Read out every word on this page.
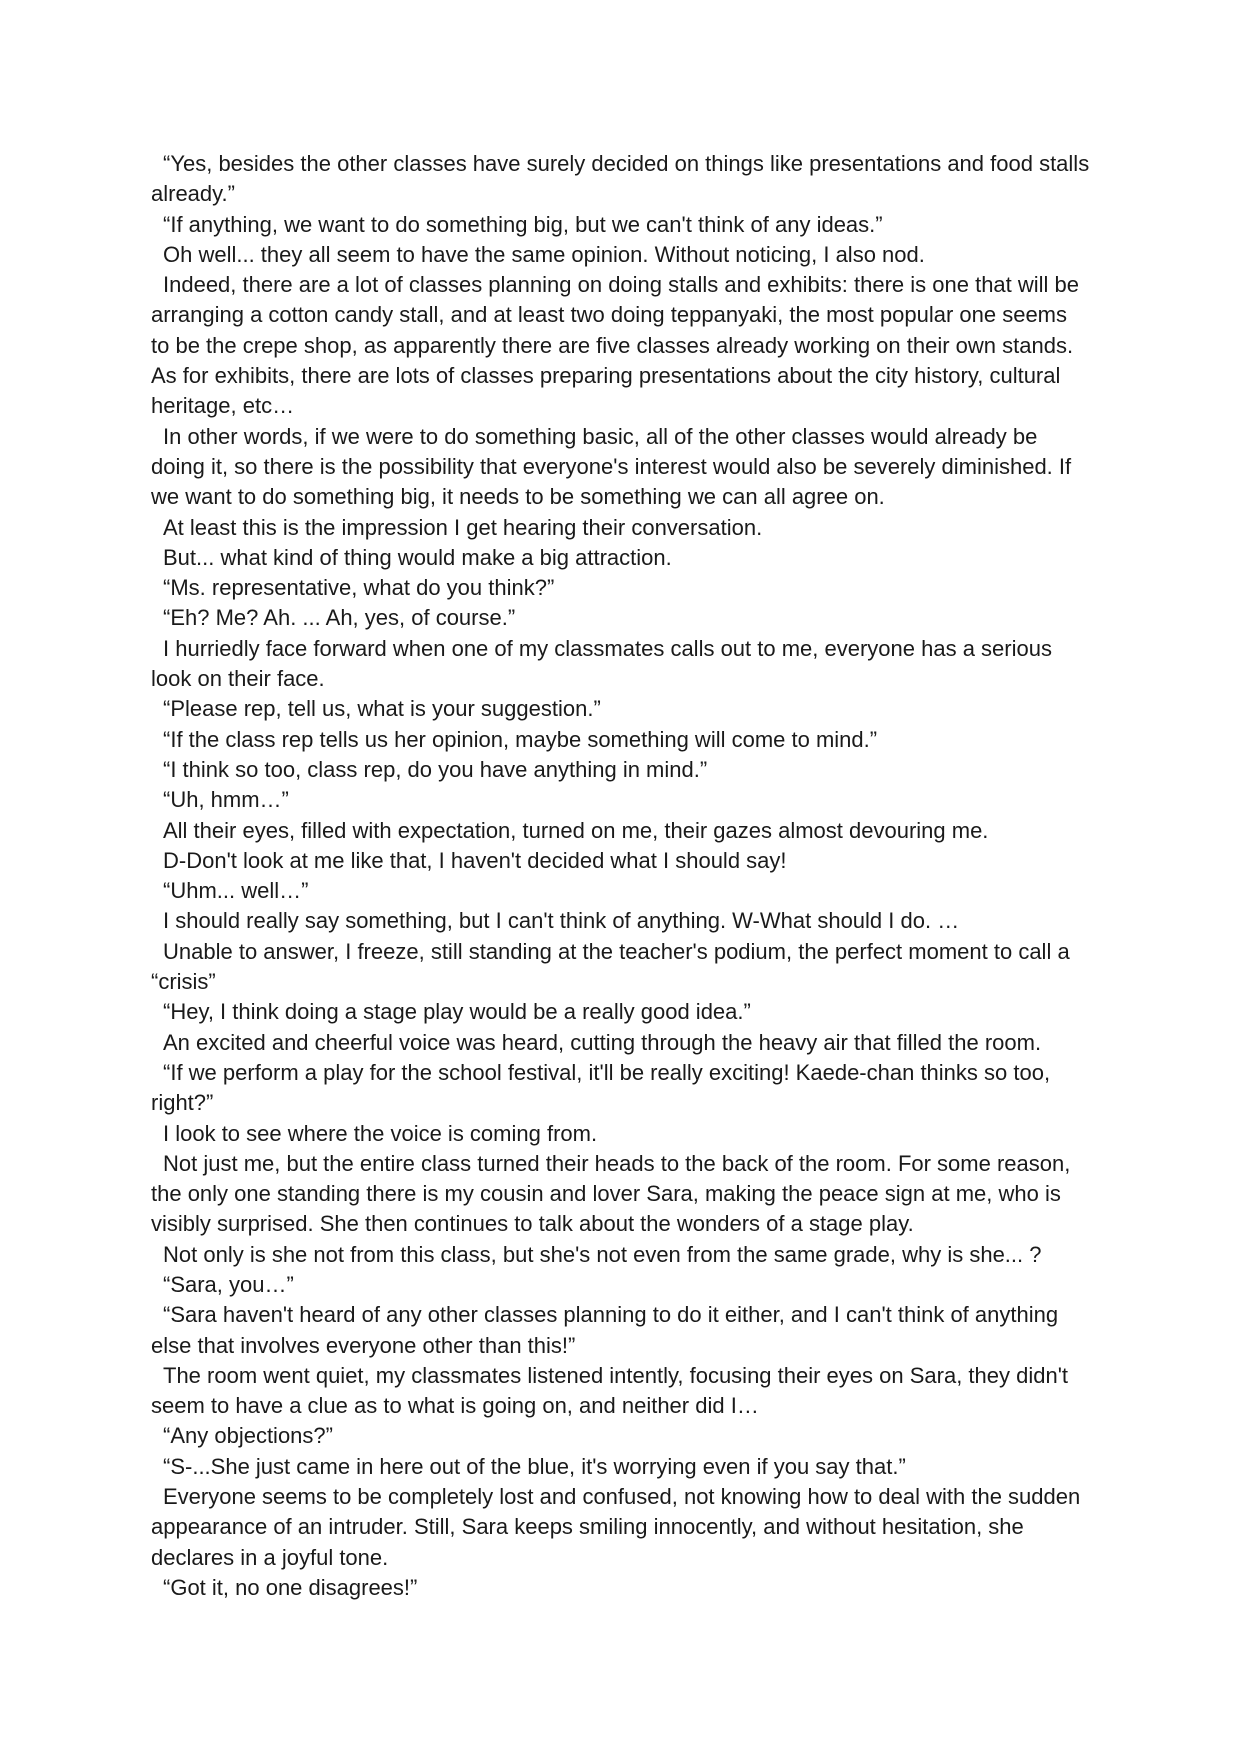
“Yes, besides the other classes have surely decided on things like presentations and food stalls already.”

“If anything, we want to do something big, but we can't think of any ideas.”

Oh well... they all seem to have the same opinion. Without noticing, I also nod.

Indeed, there are a lot of classes planning on doing stalls and exhibits: there is one that will be arranging a cotton candy stall, and at least two doing teppanyaki, the most popular one seems to be the crepe shop, as apparently there are five classes already working on their own stands. As for exhibits, there are lots of classes preparing presentations about the city history, cultural heritage, etc…

In other words, if we were to do something basic, all of the other classes would already be doing it, so there is the possibility that everyone's interest would also be severely diminished. If we want to do something big, it needs to be something we can all agree on.

At least this is the impression I get hearing their conversation.

But... what kind of thing would make a big attraction.

“Ms. representative, what do you think?”

“Eh? Me? Ah. ... Ah, yes, of course.”

I hurriedly face forward when one of my classmates calls out to me, everyone has a serious look on their face.

“Please rep, tell us, what is your suggestion.”

“If the class rep tells us her opinion, maybe something will come to mind.”

“I think so too, class rep, do you have anything in mind.”

“Uh, hmm…”

All their eyes, filled with expectation, turned on me, their gazes almost devouring me.

D-Don't look at me like that, I haven't decided what I should say!

“Uhm... well…”

I should really say something, but I can't think of anything. W-What should I do. …

Unable to answer, I freeze, still standing at the teacher's podium, the perfect moment to call a “crisis”

“Hey, I think doing a stage play would be a really good idea.”

An excited and cheerful voice was heard, cutting through the heavy air that filled the room.

“If we perform a play for the school festival, it'll be really exciting! Kaede-chan thinks so too, right?”

I look to see where the voice is coming from.

Not just me, but the entire class turned their heads to the back of the room. For some reason, the only one standing there is my cousin and lover Sara, making the peace sign at me, who is visibly surprised. She then continues to talk about the wonders of a stage play.

Not only is she not from this class, but she's not even from the same grade, why is she... ?

“Sara, you…”

“Sara haven't heard of any other classes planning to do it either, and I can't think of anything else that involves everyone other than this!”

The room went quiet, my classmates listened intently, focusing their eyes on Sara, they didn't seem to have a clue as to what is going on, and neither did I…

“Any objections?”

“S-...She just came in here out of the blue, it's worrying even if you say that.”

Everyone seems to be completely lost and confused, not knowing how to deal with the sudden appearance of an intruder. Still, Sara keeps smiling innocently, and without hesitation, she declares in a joyful tone.

“Got it, no one disagrees!”
